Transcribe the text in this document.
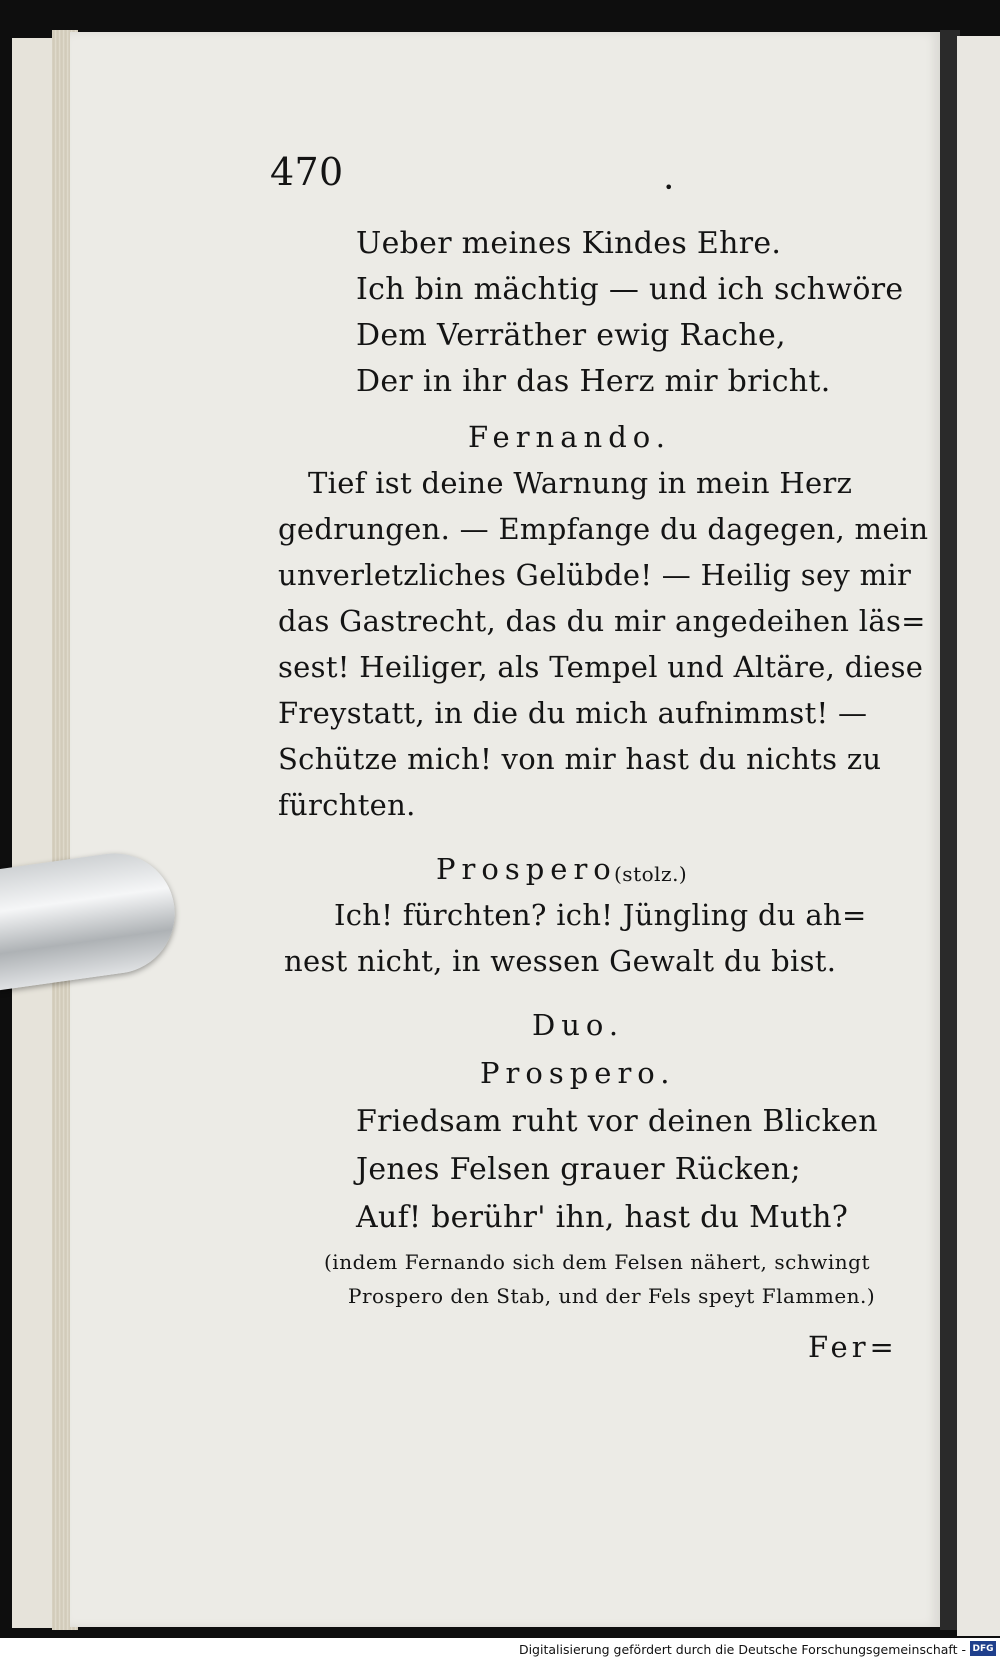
470	•
Ueber meines Kindes Ehre.
Ich bin mächtig — und ich schwöre
Dem Verräther ewig Rache,
Der in ihr das Herz mir bricht.
Fernando.
Tief ist deine Warnung in mein Herz
gedrungen. — Empfange du dagegen, mein
unverletzliches Gelübde! — Heilig sey mir
das Gastrecht, das du mir angedeihen läs=
sest! Heiliger, als Tempel und Altäre, diese
Freystatt, in die du mich aufnimmst! —
Schütze mich! von mir hast du nichts zu
fürchten.
Prospero
(stolz.)
Ich! fürchten? ich! Jüngling du ah=
nest nicht, in wessen Gewalt du bist.
Duo.
Prospero.
Friedsam ruht vor deinen Blicken
Jenes Felsen grauer Rücken;
Auf! berühr' ihn, hast du Muth?
(indem Fernando sich dem Felsen nähert, schwingt
Prospero den Stab, und der Fels speyt Flammen.)
Fer=
Digitalisierung gefördert durch die Deutsche Forschungsgemeinschaft - DFG
